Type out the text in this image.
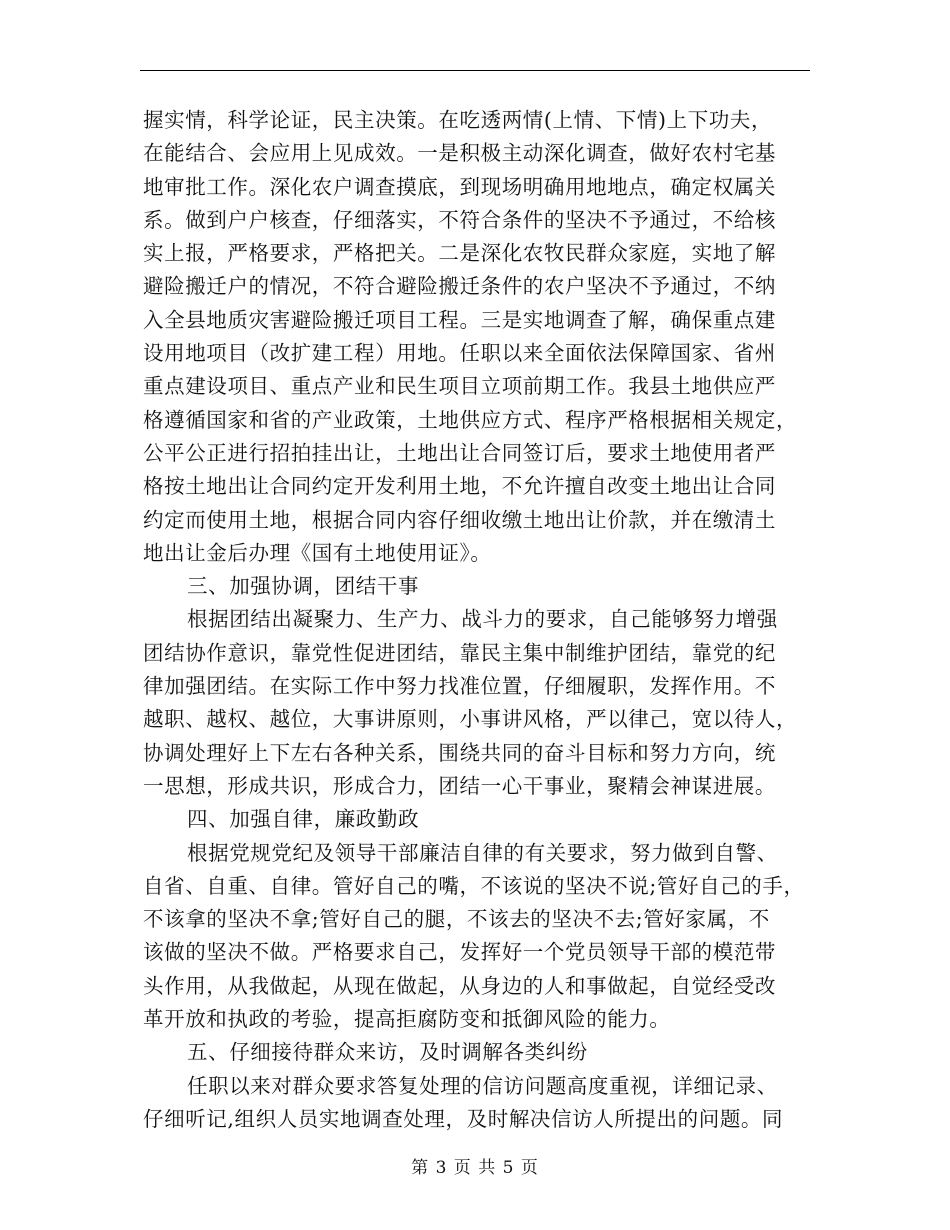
握实情，科学论证，民主决策。在吃透两情(上情、下情)上下功夫，
在能结合、会应用上见成效。一是积极主动深化调查，做好农村宅基
地审批工作。深化农户调查摸底，到现场明确用地地点，确定权属关
系。做到户户核查，仔细落实，不符合条件的坚决不予通过，不给核
实上报，严格要求，严格把关。二是深化农牧民群众家庭，实地了解
避险搬迁户的情况，不符合避险搬迁条件的农户坚决不予通过，不纳
入全县地质灾害避险搬迁项目工程。三是实地调查了解，确保重点建
设用地项目（改扩建工程）用地。任职以来全面依法保障国家、省州
重点建设项目、重点产业和民生项目立项前期工作。我县土地供应严
格遵循国家和省的产业政策，土地供应方式、程序严格根据相关规定，
公平公正进行招拍挂出让，土地出让合同签订后，要求土地使用者严
格按土地出让合同约定开发利用土地，不允许擅自改变土地出让合同
约定而使用土地，根据合同内容仔细收缴土地出让价款，并在缴清土
地出让金后办理《国有土地使用证》。
三、加强协调，团结干事
根据团结出凝聚力、生产力、战斗力的要求，自己能够努力增强
团结协作意识，靠党性促进团结，靠民主集中制维护团结，靠党的纪
律加强团结。在实际工作中努力找准位置，仔细履职，发挥作用。不
越职、越权、越位，大事讲原则，小事讲风格，严以律己，宽以待人，
协调处理好上下左右各种关系，围绕共同的奋斗目标和努力方向，统
一思想，形成共识，形成合力，团结一心干事业，聚精会神谋进展。
四、加强自律，廉政勤政
根据党规党纪及领导干部廉洁自律的有关要求，努力做到自警、
自省、自重、自律。管好自己的嘴，不该说的坚决不说;管好自己的手，
不该拿的坚决不拿;管好自己的腿，不该去的坚决不去;管好家属，不
该做的坚决不做。严格要求自己，发挥好一个党员领导干部的模范带
头作用，从我做起，从现在做起，从身边的人和事做起，自觉经受改
革开放和执政的考验，提高拒腐防变和抵御风险的能力。
五、仔细接待群众来访，及时调解各类纠纷
任职以来对群众要求答复处理的信访问题高度重视，详细记录、
仔细听记,组织人员实地调查处理，及时解决信访人所提出的问题。同
第 3 页 共 5 页
